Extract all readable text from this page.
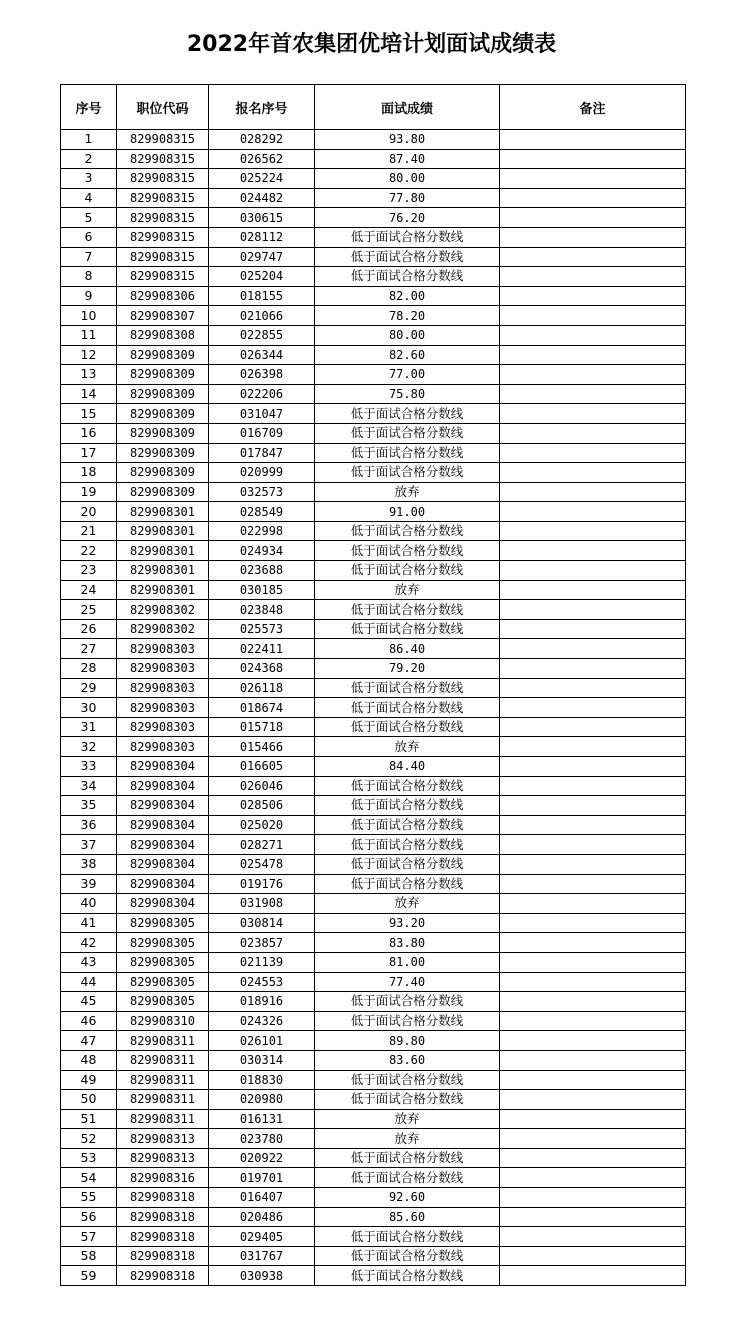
2022年首农集团优培计划面试成绩表
序号	职位代码	报名序号	面试成绩	备注
1	829908315	028292	93.80	
2	829908315	026562	87.40	
3	829908315	025224	80.00	
4	829908315	024482	77.80	
5	829908315	030615	76.20	
6	829908315	028112	低于面试合格分数线	
7	829908315	029747	低于面试合格分数线	
8	829908315	025204	低于面试合格分数线	
9	829908306	018155	82.00	
10	829908307	021066	78.20	
11	829908308	022855	80.00	
12	829908309	026344	82.60	
13	829908309	026398	77.00	
14	829908309	022206	75.80	
15	829908309	031047	低于面试合格分数线	
16	829908309	016709	低于面试合格分数线	
17	829908309	017847	低于面试合格分数线	
18	829908309	020999	低于面试合格分数线	
19	829908309	032573	放弃	
20	829908301	028549	91.00	
21	829908301	022998	低于面试合格分数线	
22	829908301	024934	低于面试合格分数线	
23	829908301	023688	低于面试合格分数线	
24	829908301	030185	放弃	
25	829908302	023848	低于面试合格分数线	
26	829908302	025573	低于面试合格分数线	
27	829908303	022411	86.40	
28	829908303	024368	79.20	
29	829908303	026118	低于面试合格分数线	
30	829908303	018674	低于面试合格分数线	
31	829908303	015718	低于面试合格分数线	
32	829908303	015466	放弃	
33	829908304	016605	84.40	
34	829908304	026046	低于面试合格分数线	
35	829908304	028506	低于面试合格分数线	
36	829908304	025020	低于面试合格分数线	
37	829908304	028271	低于面试合格分数线	
38	829908304	025478	低于面试合格分数线	
39	829908304	019176	低于面试合格分数线	
40	829908304	031908	放弃	
41	829908305	030814	93.20	
42	829908305	023857	83.80	
43	829908305	021139	81.00	
44	829908305	024553	77.40	
45	829908305	018916	低于面试合格分数线	
46	829908310	024326	低于面试合格分数线	
47	829908311	026101	89.80	
48	829908311	030314	83.60	
49	829908311	018830	低于面试合格分数线	
50	829908311	020980	低于面试合格分数线	
51	829908311	016131	放弃	
52	829908313	023780	放弃	
53	829908313	020922	低于面试合格分数线	
54	829908316	019701	低于面试合格分数线	
55	829908318	016407	92.60	
56	829908318	020486	85.60	
57	829908318	029405	低于面试合格分数线	
58	829908318	031767	低于面试合格分数线	
59	829908318	030938	低于面试合格分数线	
